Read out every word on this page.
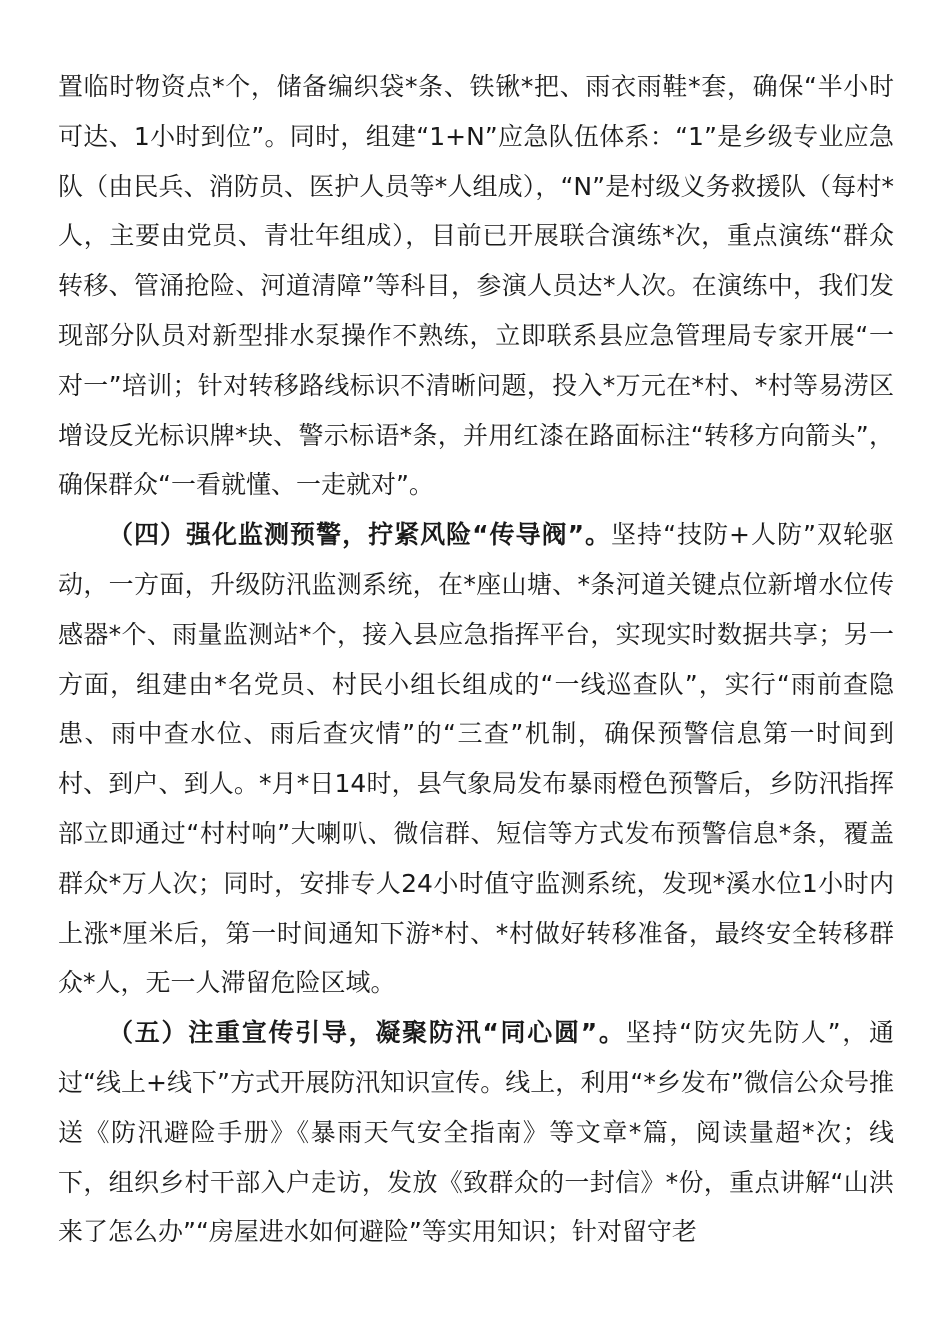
置临时物资点*个，储备编织袋*条、铁锹*把、雨衣雨鞋*套，确保“半小时可达、1小时到位”。同时，组建“1+N”应急队伍体系：“1”是乡级专业应急队（由民兵、消防员、医护人员等*人组成），“N”是村级义务救援队（每村*人，主要由党员、青壮年组成），目前已开展联合演练*次，重点演练“群众转移、管涌抢险、河道清障”等科目，参演人员达*人次。在演练中，我们发现部分队员对新型排水泵操作不熟练，立即联系县应急管理局专家开展“一对一”培训；针对转移路线标识不清晰问题，投入*万元在*村、*村等易涝区增设反光标识牌*块、警示标语*条，并用红漆在路面标注“转移方向箭头”，确保群众“一看就懂、一走就对”。

（四）强化监测预警，拧紧风险“传导阀”。坚持“技防+人防”双轮驱动，一方面，升级防汛监测系统，在*座山塘、*条河道关键点位新增水位传感器*个、雨量监测站*个，接入县应急指挥平台，实现实时数据共享；另一方面，组建由*名党员、村民小组长组成的“一线巡查队”，实行“雨前查隐患、雨中查水位、雨后查灾情”的“三查”机制，确保预警信息第一时间到村、到户、到人。*月*日14时，县气象局发布暴雨橙色预警后，乡防汛指挥部立即通过“村村响”大喇叭、微信群、短信等方式发布预警信息*条，覆盖群众*万人次；同时，安排专人24小时值守监测系统，发现*溪水位1小时内上涨*厘米后，第一时间通知下游*村、*村做好转移准备，最终安全转移群众*人，无一人滞留危险区域。

（五）注重宣传引导，凝聚防汛“同心圆”。坚持“防灾先防人”，通过“线上+线下”方式开展防汛知识宣传。线上，利用“*乡发布”微信公众号推送《防汛避险手册》《暴雨天气安全指南》等文章*篇，阅读量超*次；线下，组织乡村干部入户走访，发放《致群众的一封信》*份，重点讲解“山洪来了怎么办”“房屋进水如何避险”等实用知识；针对留守老
